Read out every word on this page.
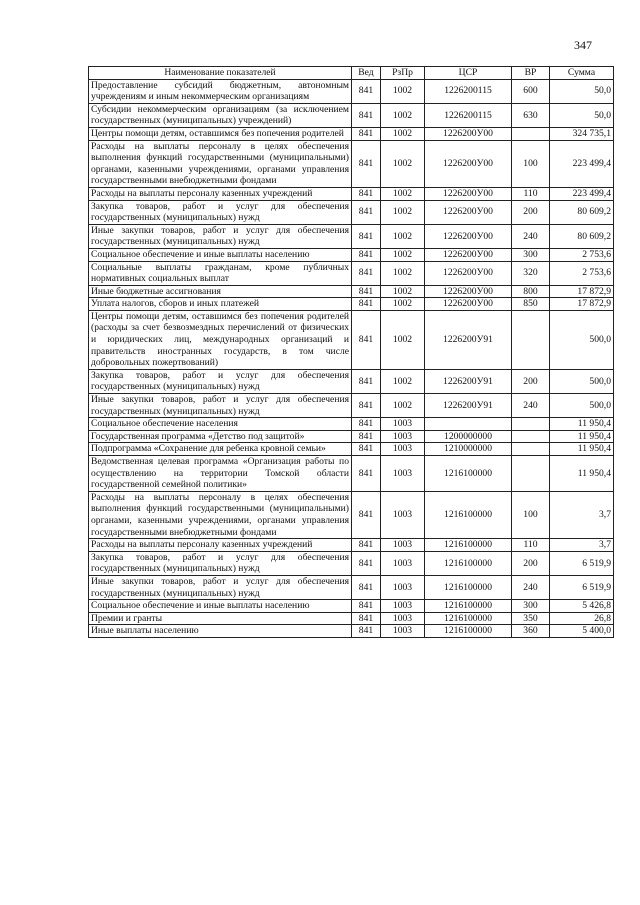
347
Наименование показателей	Вед	РзПр	ЦСР	ВР	Сумма
Предоставление субсидий бюджетным, автономным учреждениям и иным некоммерческим организациям	841	1002	1226200115	600	50,0
Субсидии некоммерческим организациям (за исключением государственных (муниципальных) учреждений)	841	1002	1226200115	630	50,0
Центры помощи детям, оставшимся без попечения родителей	841	1002	1226200У00		324 735,1
Расходы на выплаты персоналу в целях обеспечения выполнения функций государственными (муниципальными) органами, казенными учреждениями, органами управления государственными внебюджетными фондами	841	1002	1226200У00	100	223 499,4
Расходы на выплаты персоналу казенных учреждений	841	1002	1226200У00	110	223 499,4
Закупка товаров, работ и услуг для обеспечения государственных (муниципальных) нужд	841	1002	1226200У00	200	80 609,2
Иные закупки товаров, работ и услуг для обеспечения государственных (муниципальных) нужд	841	1002	1226200У00	240	80 609,2
Социальное обеспечение и иные выплаты населению	841	1002	1226200У00	300	2 753,6
Социальные выплаты гражданам, кроме публичных нормативных социальных выплат	841	1002	1226200У00	320	2 753,6
Иные бюджетные ассигнования	841	1002	1226200У00	800	17 872,9
Уплата налогов, сборов и иных платежей	841	1002	1226200У00	850	17 872,9
Центры помощи детям, оставшимся без попечения родителей (расходы за счет безвозмездных перечислений от физических и юридических лиц, международных организаций и правительств иностранных государств, в том числе добровольных пожертвований)	841	1002	1226200У91		500,0
Закупка товаров, работ и услуг для обеспечения государственных (муниципальных) нужд	841	1002	1226200У91	200	500,0
Иные закупки товаров, работ и услуг для обеспечения государственных (муниципальных) нужд	841	1002	1226200У91	240	500,0
Социальное обеспечение населения	841	1003			11 950,4
Государственная программа «Детство под защитой»	841	1003	1200000000		11 950,4
Подпрограмма «Сохранение для ребенка кровной семьи»	841	1003	1210000000		11 950,4
Ведомственная целевая программа «Организация работы по осуществлению на территории Томской области государственной семейной политики»	841	1003	1216100000		11 950,4
Расходы на выплаты персоналу в целях обеспечения выполнения функций государственными (муниципальными) органами, казенными учреждениями, органами управления государственными внебюджетными фондами	841	1003	1216100000	100	3,7
Расходы на выплаты персоналу казенных учреждений	841	1003	1216100000	110	3,7
Закупка товаров, работ и услуг для обеспечения государственных (муниципальных) нужд	841	1003	1216100000	200	6 519,9
Иные закупки товаров, работ и услуг для обеспечения государственных (муниципальных) нужд	841	1003	1216100000	240	6 519,9
Социальное обеспечение и иные выплаты населению	841	1003	1216100000	300	5 426,8
Премии и гранты	841	1003	1216100000	350	26,8
Иные выплаты населению	841	1003	1216100000	360	5 400,0
